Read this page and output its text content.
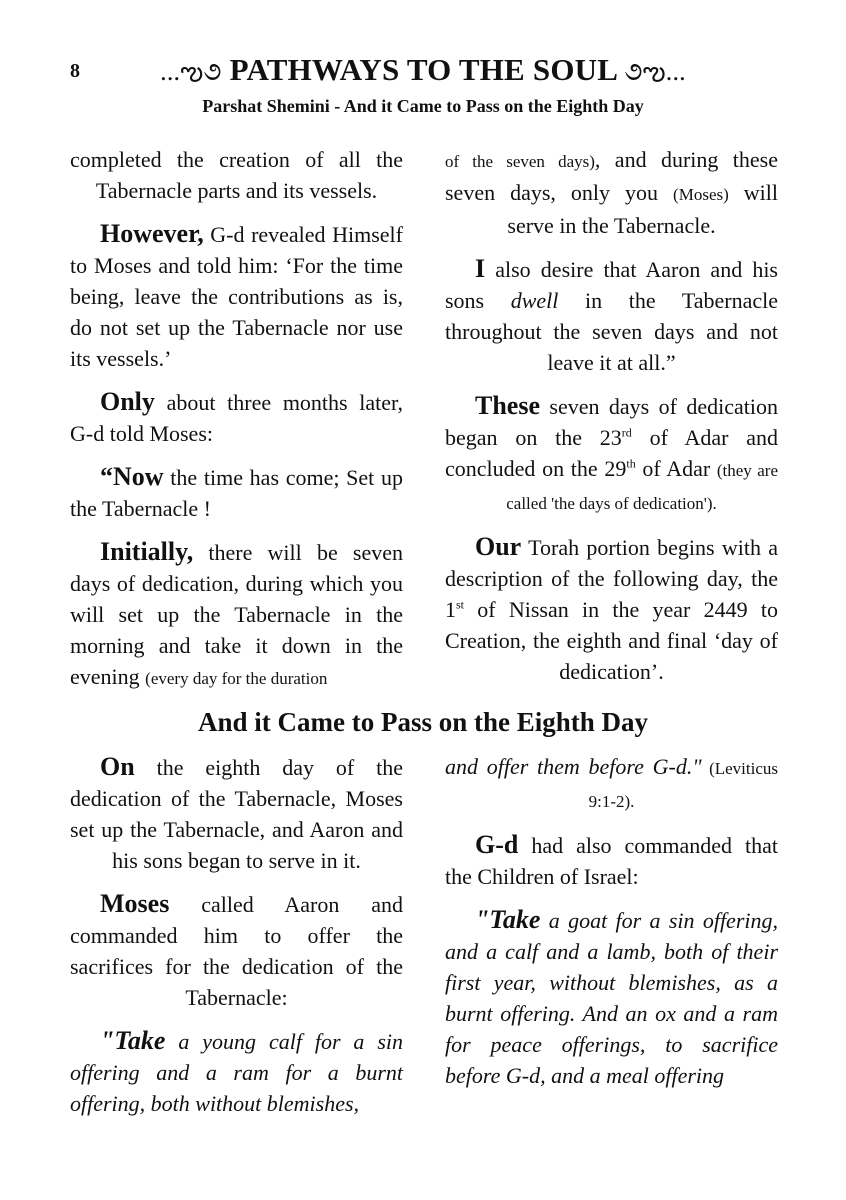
8	...ఌ૭ PATHWAYS TO THE SOUL ૭ఌ...
Parshat Shemini - And it Came to Pass on the Eighth Day

completed the creation of all the Tabernacle parts and its vessels.

However, G-d revealed Himself to Moses and told him: ‘For the time being, leave the contributions as is, do not set up the Tabernacle nor use its vessels.’

Only about three months later, G-d told Moses:

“Now the time has come; Set up the Tabernacle !

Initially, there will be seven days of dedication, during which you will set up the Tabernacle in the morning and take it down in the evening (every day for the duration

of the seven days), and during these seven days, only you (Moses) will serve in the Tabernacle.

I also desire that Aaron and his sons dwell in the Tabernacle throughout the seven days and not leave it at all.”

These seven days of dedication began on the 23rd of Adar and concluded on the 29th of Adar (they are called 'the days of dedication').

Our Torah portion begins with a description of the following day, the 1st of Nissan in the year 2449 to Creation, the eighth and final ‘day of dedication’.

And it Came to Pass on the Eighth Day

On the eighth day of the dedication of the Tabernacle, Moses set up the Tabernacle, and Aaron and his sons began to serve in it.

Moses called Aaron and commanded him to offer the sacrifices for the dedication of the Tabernacle:

"Take a young calf for a sin offering and a ram for a burnt offering, both without blemishes,

and offer them before G-d." (Leviticus 9:1-2).

G-d had also commanded that the Children of Israel:

"Take a goat for a sin offering, and a calf and a lamb, both of their first year, without blemishes, as a burnt offering. And an ox and a ram for peace offerings, to sacrifice before G-d, and a meal offering
